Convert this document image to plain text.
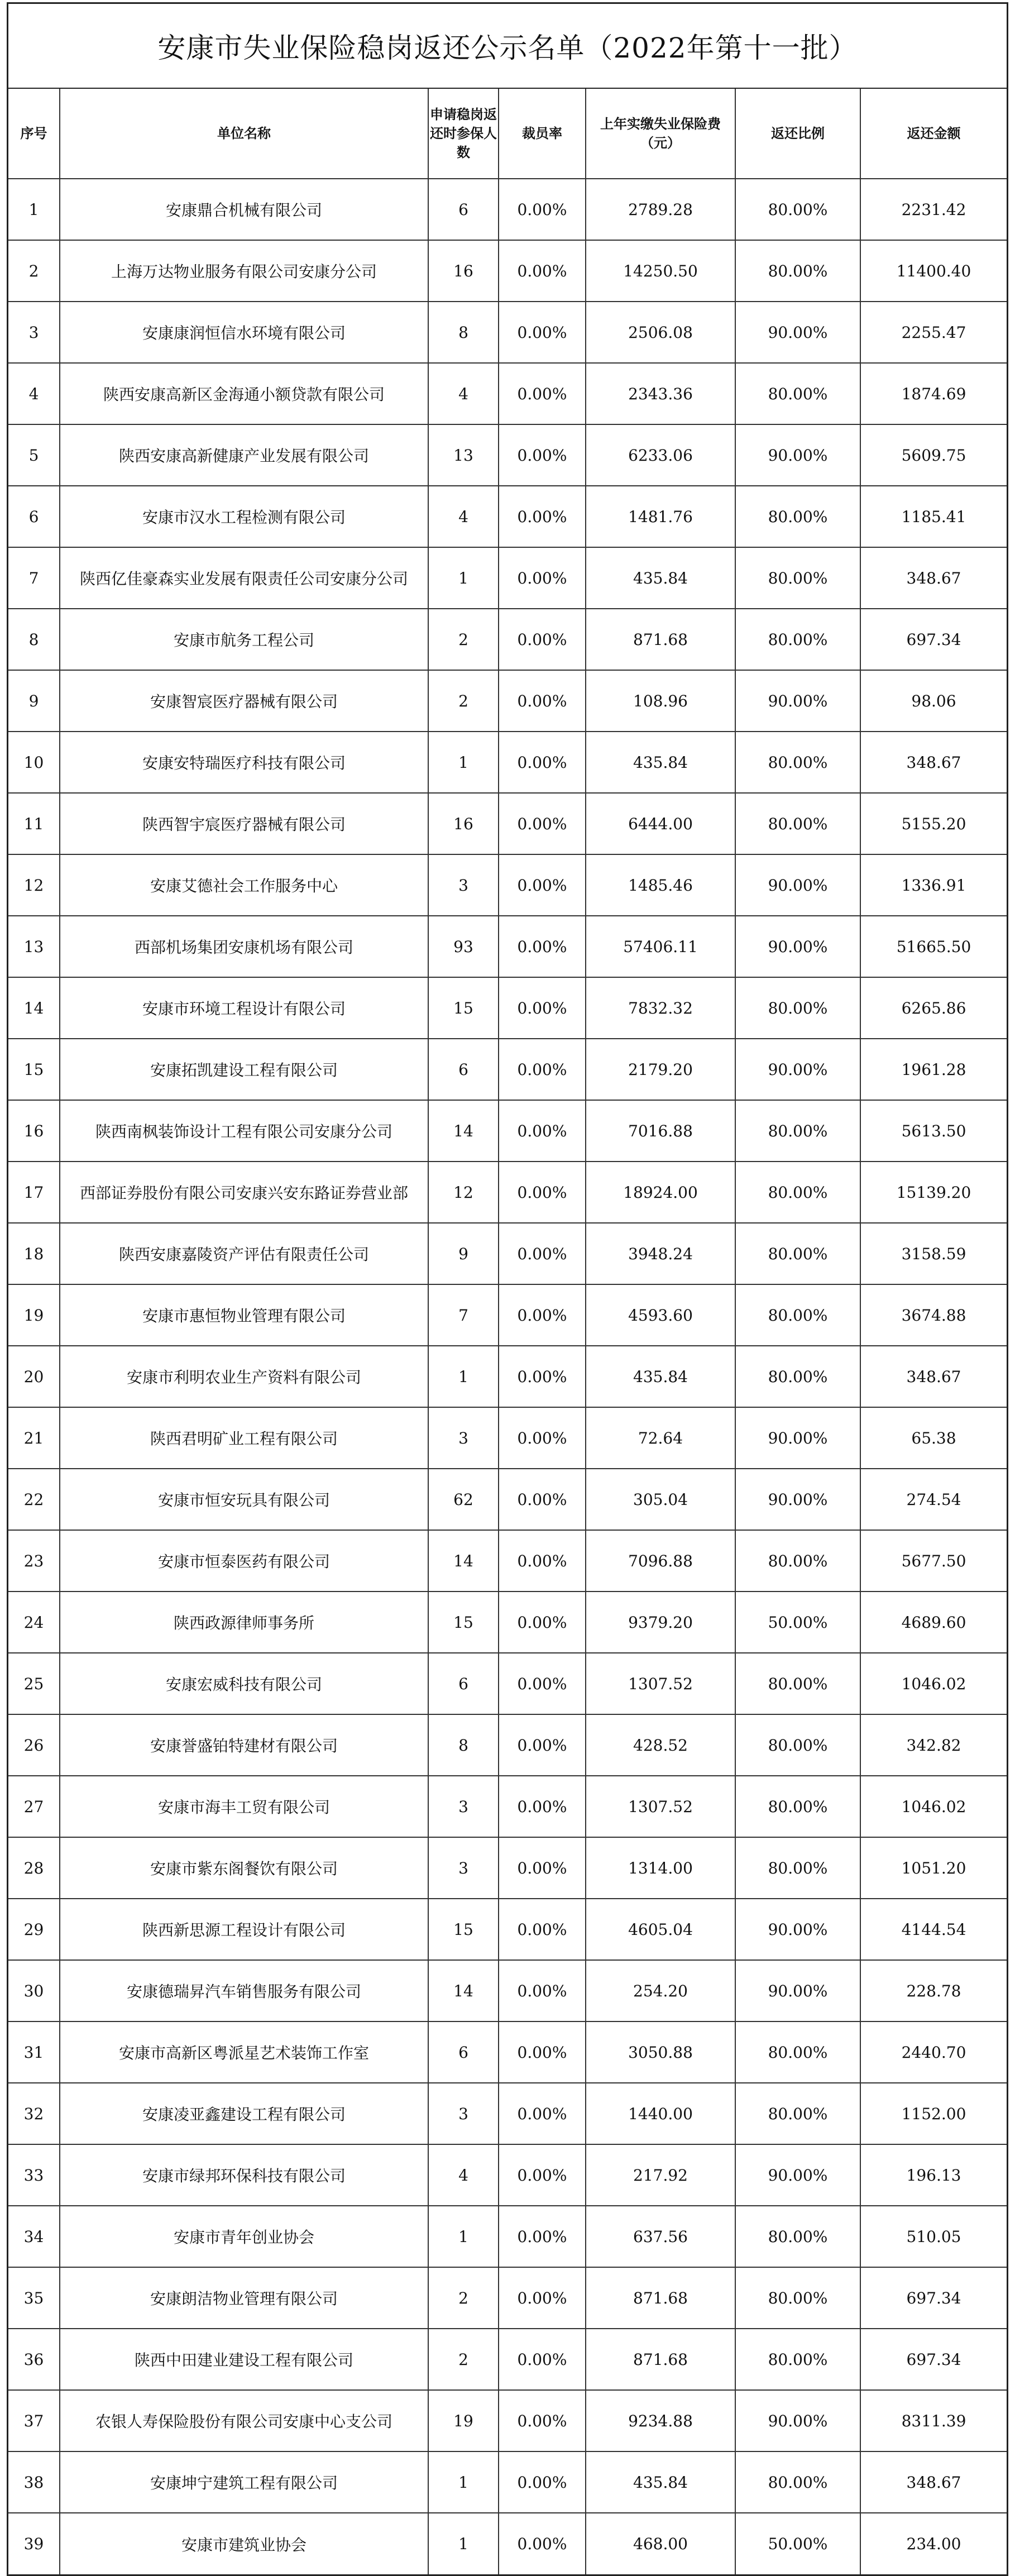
安康市失业保险稳岗返还公示名单（2022年第十一批）
序号	单位名称	申请稳岗返还时参保人数	裁员率	上年实缴失业保险费（元）	返还比例	返还金额
1	安康鼎合机械有限公司	6	0.00%	2789.28	80.00%	2231.42
2	上海万达物业服务有限公司安康分公司	16	0.00%	14250.50	80.00%	11400.40
3	安康康润恒信水环境有限公司	8	0.00%	2506.08	90.00%	2255.47
4	陕西安康高新区金海通小额贷款有限公司	4	0.00%	2343.36	80.00%	1874.69
5	陕西安康高新健康产业发展有限公司	13	0.00%	6233.06	90.00%	5609.75
6	安康市汉水工程检测有限公司	4	0.00%	1481.76	80.00%	1185.41
7	陕西亿佳豪森实业发展有限责任公司安康分公司	1	0.00%	435.84	80.00%	348.67
8	安康市航务工程公司	2	0.00%	871.68	80.00%	697.34
9	安康智宸医疗器械有限公司	2	0.00%	108.96	90.00%	98.06
10	安康安特瑞医疗科技有限公司	1	0.00%	435.84	80.00%	348.67
11	陕西智宇宸医疗器械有限公司	16	0.00%	6444.00	80.00%	5155.20
12	安康艾德社会工作服务中心	3	0.00%	1485.46	90.00%	1336.91
13	西部机场集团安康机场有限公司	93	0.00%	57406.11	90.00%	51665.50
14	安康市环境工程设计有限公司	15	0.00%	7832.32	80.00%	6265.86
15	安康拓凯建设工程有限公司	6	0.00%	2179.20	90.00%	1961.28
16	陕西南枫装饰设计工程有限公司安康分公司	14	0.00%	7016.88	80.00%	5613.50
17	西部证券股份有限公司安康兴安东路证券营业部	12	0.00%	18924.00	80.00%	15139.20
18	陕西安康嘉陵资产评估有限责任公司	9	0.00%	3948.24	80.00%	3158.59
19	安康市惠恒物业管理有限公司	7	0.00%	4593.60	80.00%	3674.88
20	安康市利明农业生产资料有限公司	1	0.00%	435.84	80.00%	348.67
21	陕西君明矿业工程有限公司	3	0.00%	72.64	90.00%	65.38
22	安康市恒安玩具有限公司	62	0.00%	305.04	90.00%	274.54
23	安康市恒泰医药有限公司	14	0.00%	7096.88	80.00%	5677.50
24	陕西政源律师事务所	15	0.00%	9379.20	50.00%	4689.60
25	安康宏威科技有限公司	6	0.00%	1307.52	80.00%	1046.02
26	安康誉盛铂特建材有限公司	8	0.00%	428.52	80.00%	342.82
27	安康市海丰工贸有限公司	3	0.00%	1307.52	80.00%	1046.02
28	安康市紫东阁餐饮有限公司	3	0.00%	1314.00	80.00%	1051.20
29	陕西新思源工程设计有限公司	15	0.00%	4605.04	90.00%	4144.54
30	安康德瑞昇汽车销售服务有限公司	14	0.00%	254.20	90.00%	228.78
31	安康市高新区粤派星艺术装饰工作室	6	0.00%	3050.88	80.00%	2440.70
32	安康凌亚鑫建设工程有限公司	3	0.00%	1440.00	80.00%	1152.00
33	安康市绿邦环保科技有限公司	4	0.00%	217.92	90.00%	196.13
34	安康市青年创业协会	1	0.00%	637.56	80.00%	510.05
35	安康朗洁物业管理有限公司	2	0.00%	871.68	80.00%	697.34
36	陕西中田建业建设工程有限公司	2	0.00%	871.68	80.00%	697.34
37	农银人寿保险股份有限公司安康中心支公司	19	0.00%	9234.88	90.00%	8311.39
38	安康坤宁建筑工程有限公司	1	0.00%	435.84	80.00%	348.67
39	安康市建筑业协会	1	0.00%	468.00	50.00%	234.00
